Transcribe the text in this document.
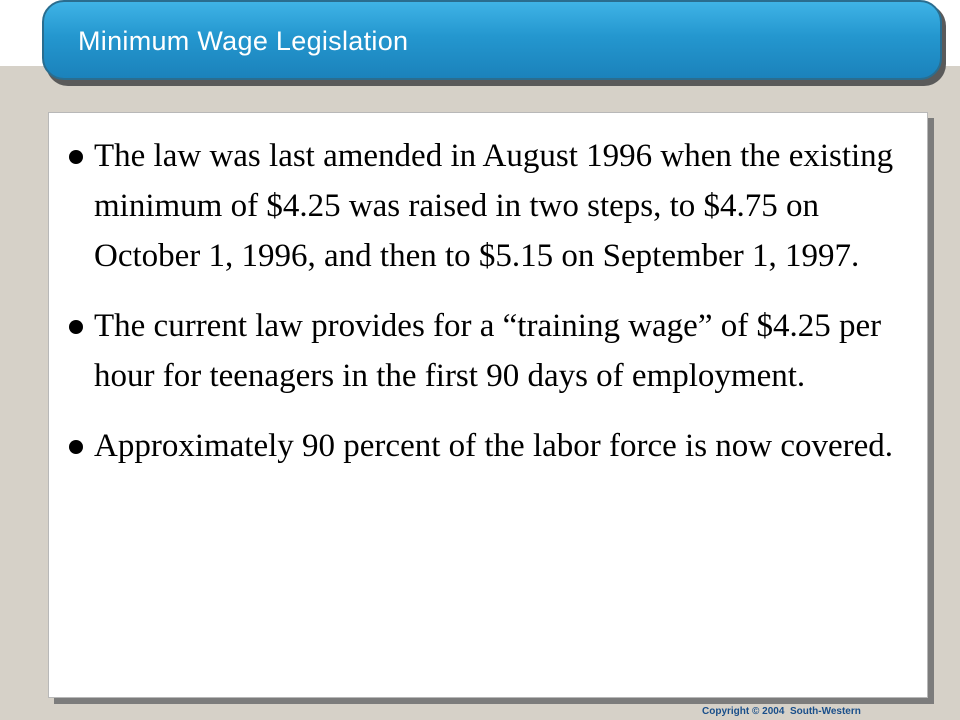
Minimum Wage Legislation
The law was last amended in August 1996 when the existing minimum of $4.25 was raised in two steps, to $4.75 on October 1, 1996, and then to $5.15 on September 1, 1997.
The current law provides for a “training wage” of $4.25 per hour for teenagers in the first 90 days of employment.
Approximately 90 percent of the labor force is now covered.
Copyright © 2004  South-Western
